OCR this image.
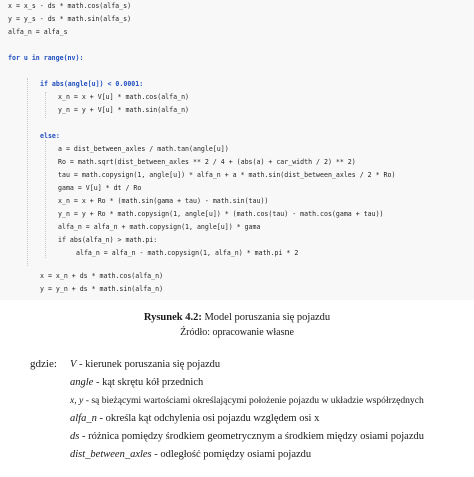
x = x_s - ds * math.cos(alfa_s)
y = y_s - ds * math.sin(alfa_s)
alfa_n = alfa_s
for u in range(nv):
if abs(angle[u]) < 0.0001:
x_n = x + V[u] * math.cos(alfa_n)
y_n = y + V[u] * math.sin(alfa_n)
else:
a = dist_between_axles / math.tan(angle[u])
Ro = math.sqrt(dist_between_axles ** 2 / 4 + (abs(a) + car_width / 2) ** 2)
tau = math.copysign(1, angle[u]) * alfa_n + a * math.sin(dist_between_axles / 2 * Ro)
gama = V[u] * dt / Ro
x_n = x + Ro * (math.sin(gama + tau) - math.sin(tau))
y_n = y + Ro * math.copysign(1, angle[u]) * (math.cos(tau) - math.cos(gama + tau))
alfa_n = alfa_n + math.copysign(1, angle[u]) * gama
if abs(alfa_n) > math.pi:
alfa_n = alfa_n - math.copysign(1, alfa_n) * math.pi * 2
x = x_n + ds * math.cos(alfa_n)
y = y_n + ds * math.sin(alfa_n)
Rysunek 4.2: Model poruszania się pojazdu
Źródło: opracowanie własne
gdzie: V - kierunek poruszania się pojazdu
angle - kąt skrętu kół przednich
x, y - są bieżącymi wartościami określającymi położenie pojazdu w układzie współrzędnych
alfa_n - określa kąt odchylenia osi pojazdu względem osi x
ds - różnica pomiędzy środkiem geometrycznym a środkiem między osiami pojazdu
dist_between_axles - odległość pomiędzy osiami pojazdu
